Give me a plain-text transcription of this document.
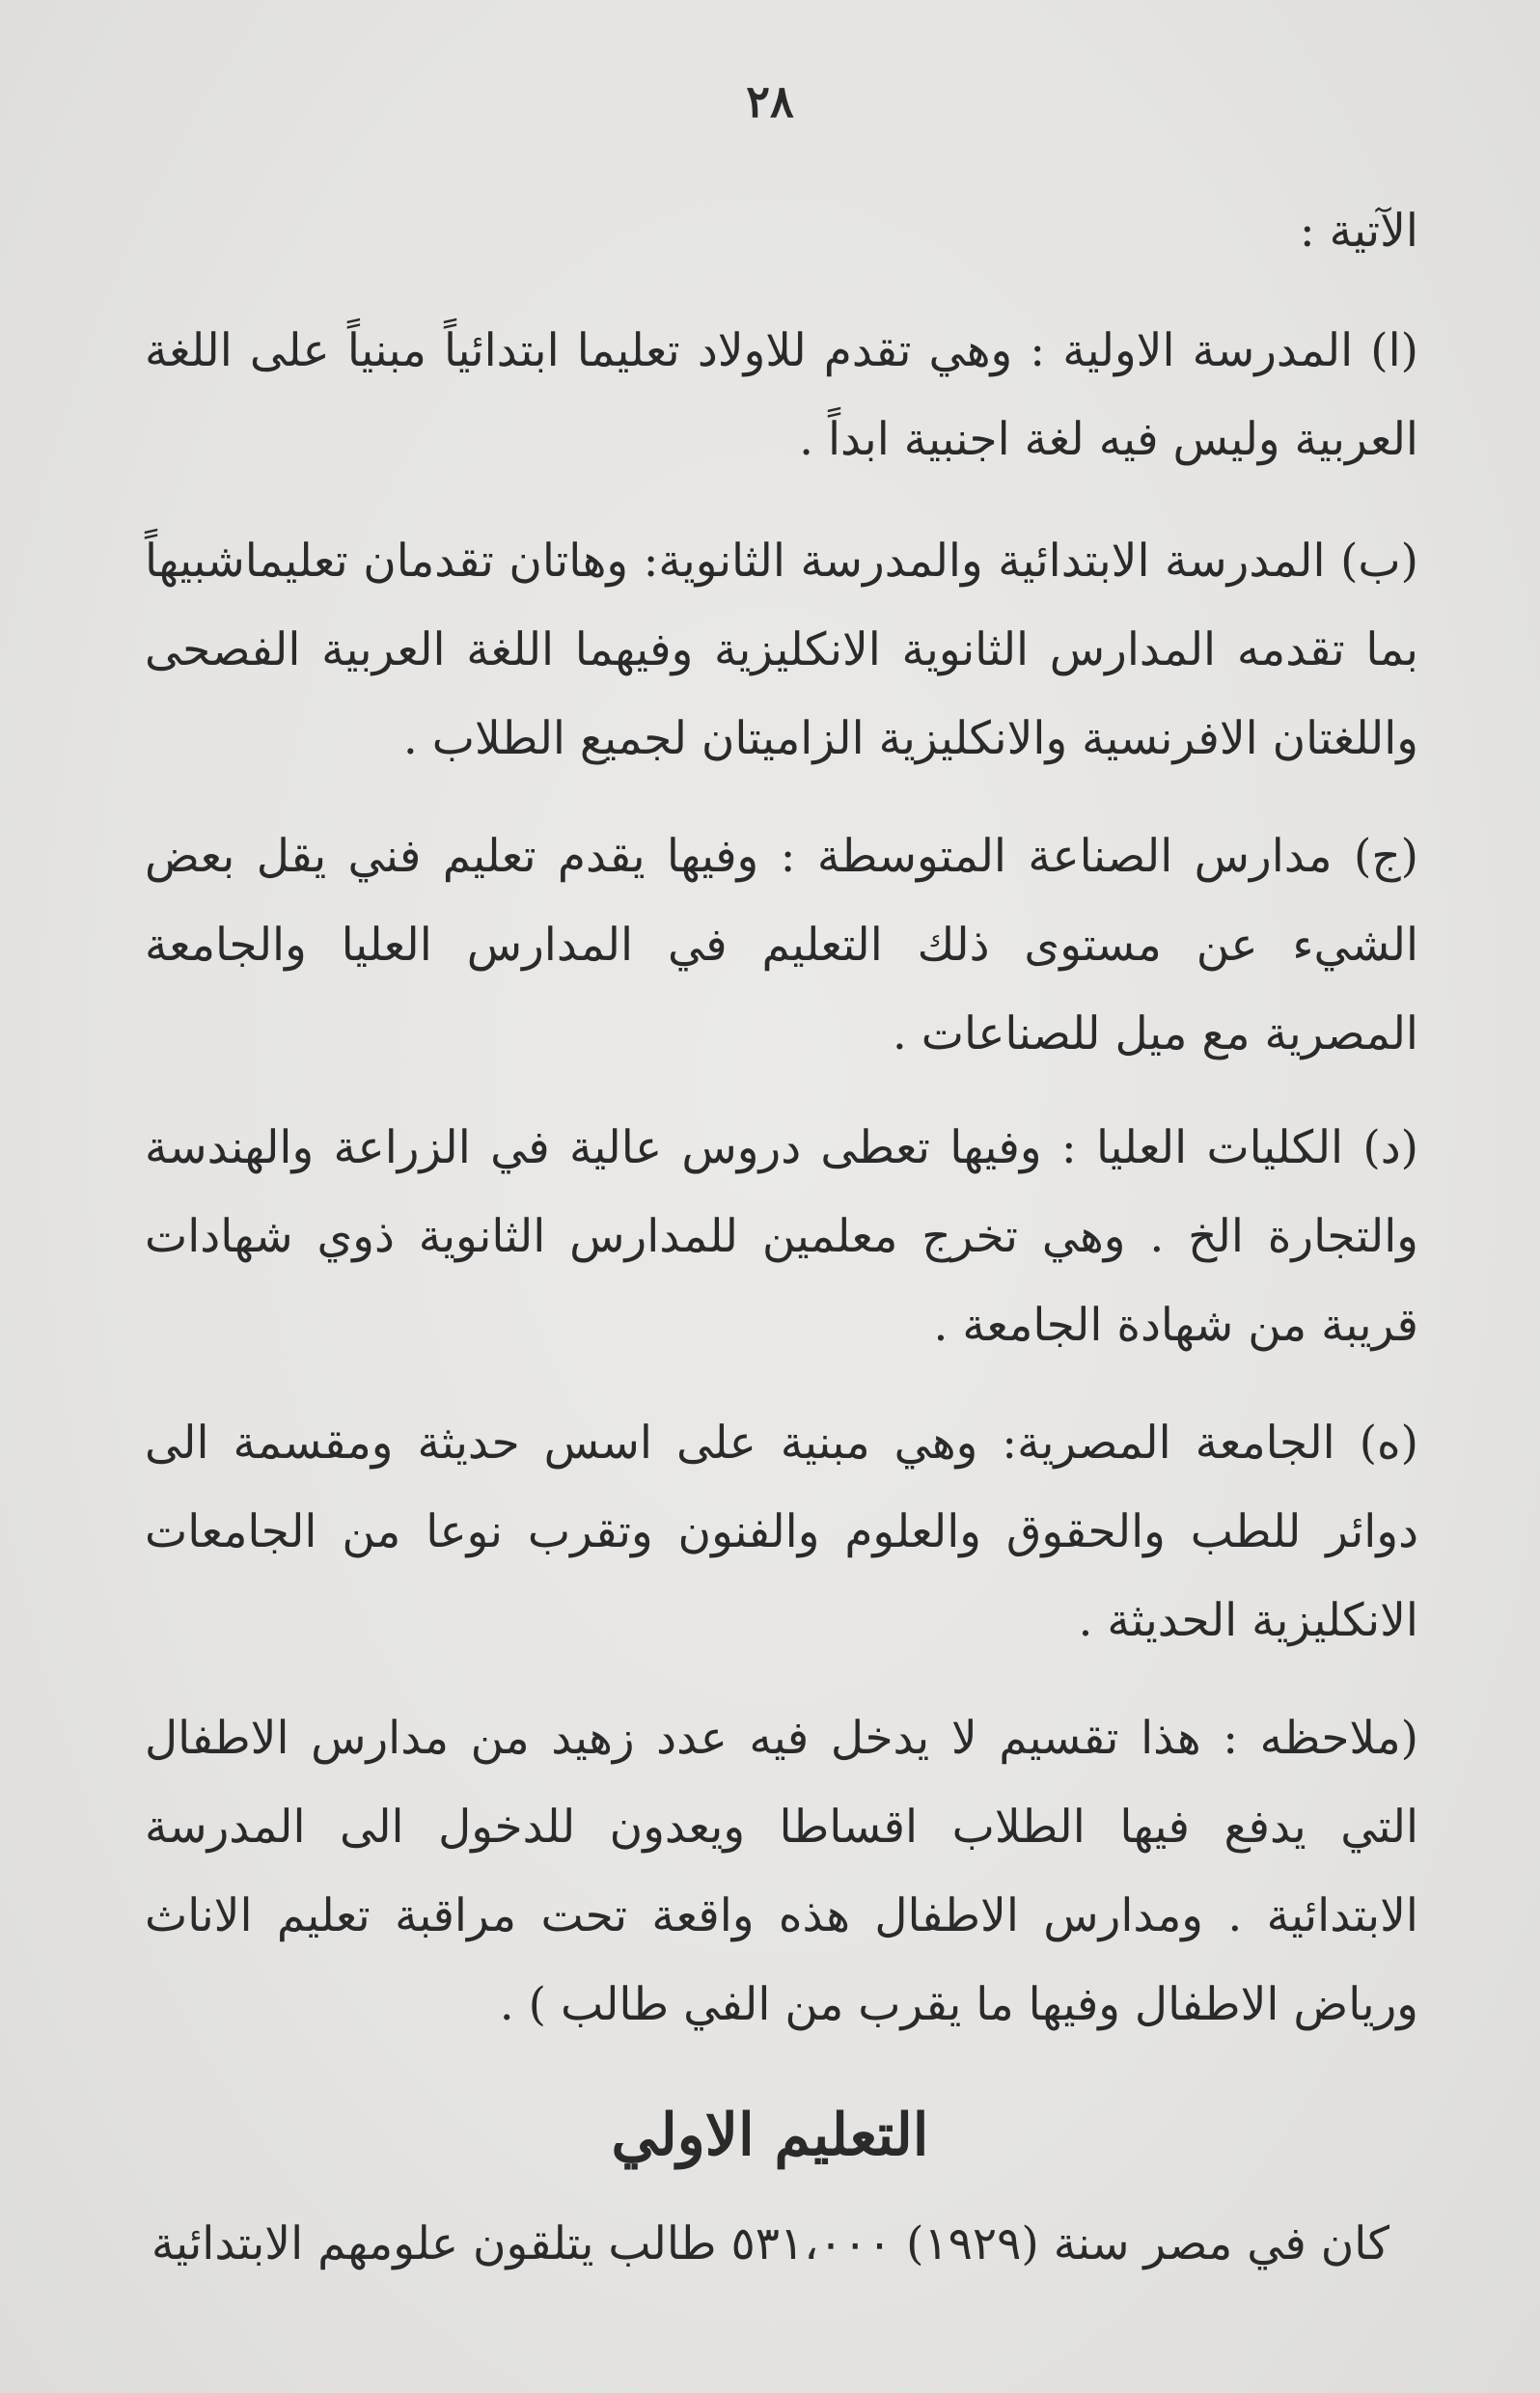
٢٨
الآتية :
(ا) المدرسة الاولية : وهي تقدم للاولاد تعليما ابتدائياً مبنياً على اللغة العربية وليس فيه لغة اجنبية ابداً .
(ب) المدرسة الابتدائية والمدرسة الثانوية: وهاتان تقدمان تعليماشبيهاً بما تقدمه المدارس الثانوية الانكليزية وفيهما اللغة العربية الفصحى واللغتان الافرنسية والانكليزية الزاميتان لجميع الطلاب .
(ج) مدارس الصناعة المتوسطة : وفيها يقدم تعليم فني يقل بعض الشيء عن مستوى ذلك التعليم في المدارس العليا والجامعة المصرية مع ميل للصناعات .
(د) الكليات العليا : وفيها تعطى دروس عالية في الزراعة والهندسة والتجارة الخ . وهي تخرج معلمين للمدارس الثانوية ذوي شهادات قريبة من شهادة الجامعة .
(ه) الجامعة المصرية: وهي مبنية على اسس حديثة ومقسمة الى دوائر للطب والحقوق والعلوم والفنون وتقرب نوعا من الجامعات الانكليزية الحديثة .
(ملاحظه : هذا تقسيم لا يدخل فيه عدد زهيد من مدارس الاطفال التي يدفع فيها الطلاب اقساطا ويعدون للدخول الى المدرسة الابتدائية . ومدارس الاطفال هذه واقعة تحت مراقبة تعليم الاناث ورياض الاطفال وفيها ما يقرب من الفي طالب ) .
التعليم الاولي
كان في مصر سنة (١٩٢٩) ٥٣١،٠٠٠ طالب يتلقون علومهم الابتدائية
